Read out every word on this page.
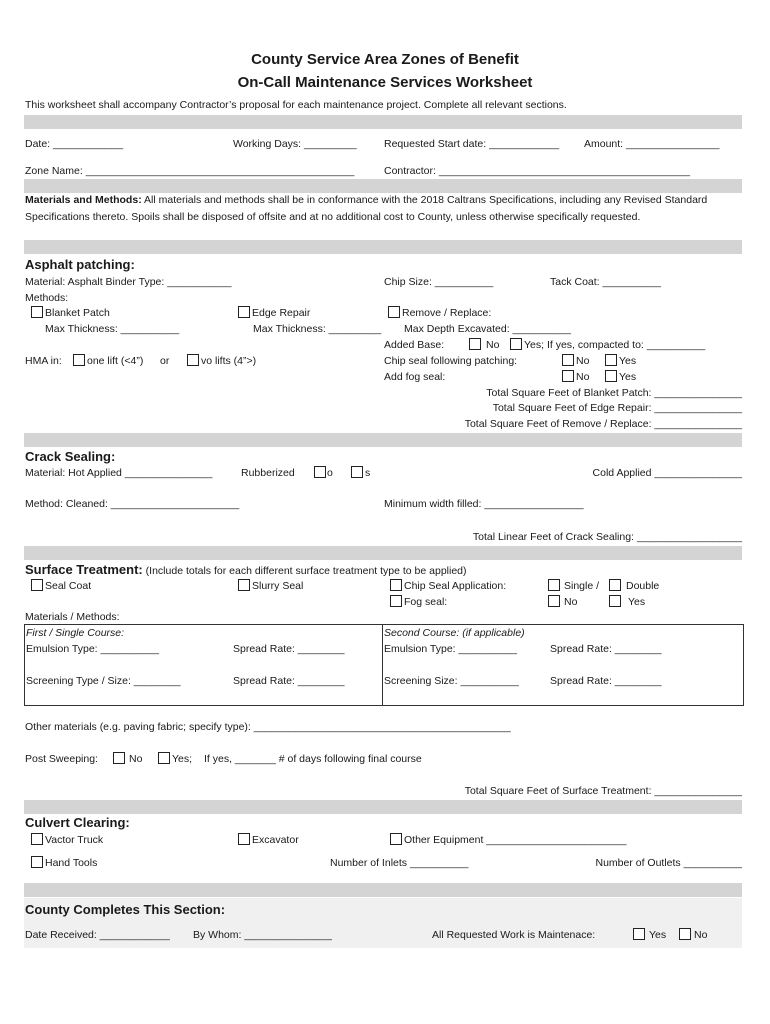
County Service Area Zones of Benefit
On-Call Maintenance Services Worksheet
This worksheet shall accompany Contractor’s proposal for each maintenance project. Complete all relevant sections.
Date: ____________	Working Days: _________	Requested Start date: ____________ Amount: ________________
Zone Name: ______________________________________________	Contractor: ___________________________________________
Materials and Methods: All materials and methods shall be in conformance with the 2018 Caltrans Specifications, including any Revised Standard Specifications thereto. Spoils shall be disposed of offsite and at no additional cost to County, unless otherwise specifically requested.
Asphalt patching:
Material: Asphalt Binder Type: ___________	Chip Size: __________	Tack Coat: __________
Methods:
Blanket Patch	Edge Repair	Remove / Replace:
Max Thickness: __________	Max Thickness: _________ Max Depth Excavated: __________
Added Base:	No Yes; If yes, compacted to: __________
HMA in: one lift (<4”) or	vo lifts (4”>)	Chip seal following patching:	No	Yes
Add fog seal:	No	Yes
Total Square Feet of Blanket Patch: _______________
Total Square Feet of Edge Repair: _______________
Total Square Feet of Remove / Replace: _______________
Crack Sealing:
Material: Hot Applied _______________	Rubberized	o	s	Cold Applied _______________
Method: Cleaned: ______________________	Minimum width filled: _________________
Total Linear Feet of Crack Sealing: __________________
Surface Treatment: (Include totals for each different surface treatment type to be applied)
Seal Coat	Slurry Seal	Chip Seal Application:	Single /	Double
Fog seal:	No	Yes
Materials / Methods:
First / Single Course:	Second Course: (if applicable)
Emulsion Type: __________	Spread Rate: ________	Emulsion Type: __________	Spread Rate: ________
Screening Type / Size: ________	Spread Rate: ________	Screening Size: __________	Spread Rate: ________
Other materials (e.g. paving fabric; specify type): ____________________________________________
Post Sweeping:	No	Yes; If yes, _______ # of days following final course
Total Square Feet of Surface Treatment: _______________
Culvert Clearing:
Vactor Truck	Excavator	Other Equipment ________________________
Hand Tools	Number of Inlets __________	Number of Outlets __________
County Completes This Section:
Date Received: ____________ By Whom: _______________	All Requested Work is Maintenace:	Yes	No
